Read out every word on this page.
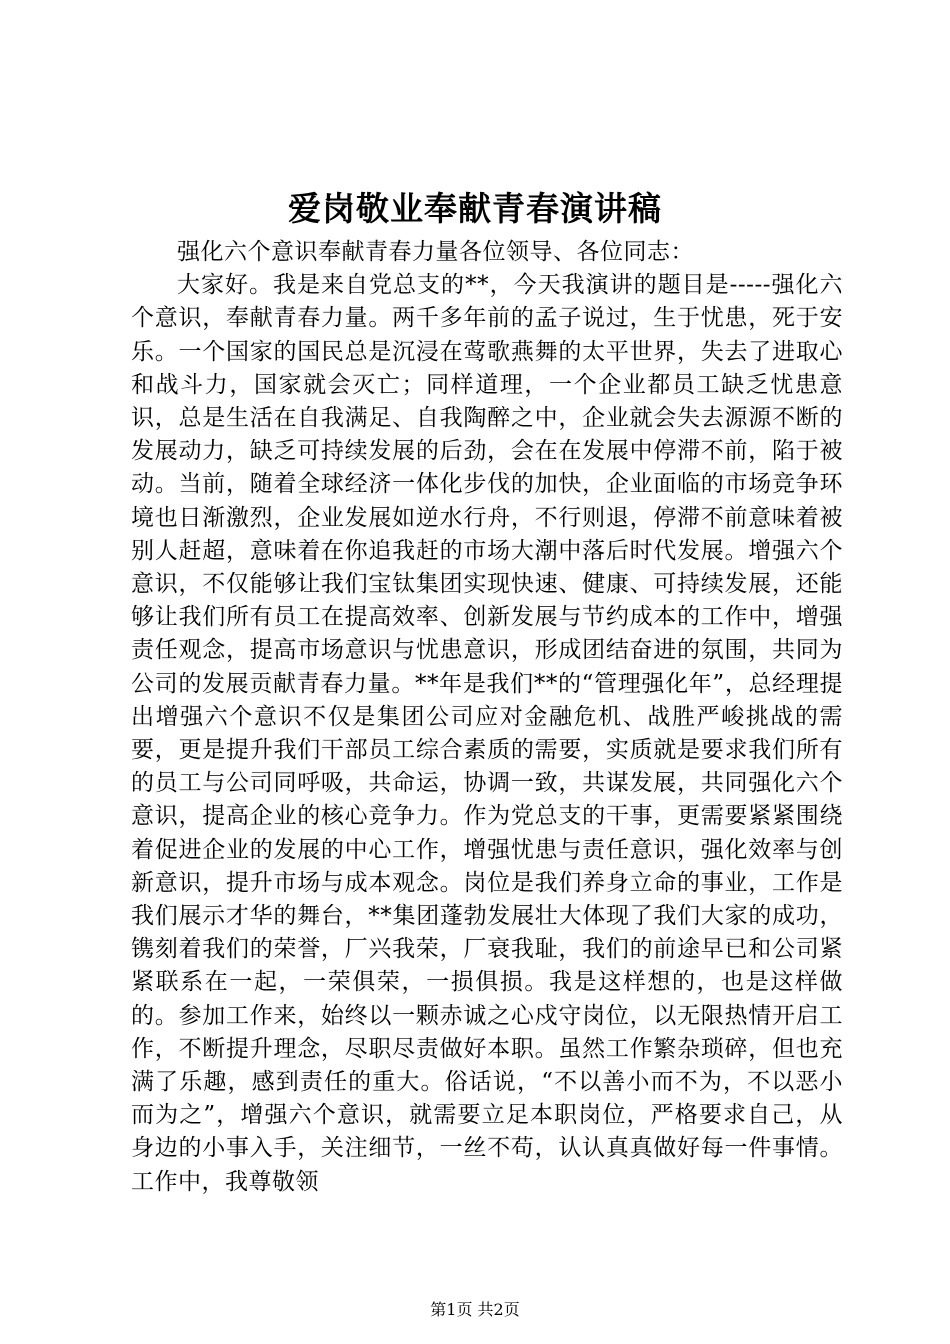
爱岗敬业奉献青春演讲稿

强化六个意识奉献青春力量各位领导、各位同志：

大家好。我是来自党总支的**，今天我演讲的题目是-----强化六个意识，奉献青春力量。两千多年前的孟子说过，生于忧患，死于安乐。一个国家的国民总是沉浸在莺歌燕舞的太平世界，失去了进取心和战斗力，国家就会灭亡；同样道理，一个企业都员工缺乏忧患意识，总是生活在自我满足、自我陶醉之中，企业就会失去源源不断的发展动力，缺乏可持续发展的后劲，会在在发展中停滞不前，陷于被动。当前，随着全球经济一体化步伐的加快，企业面临的市场竞争环境也日渐激烈，企业发展如逆水行舟，不行则退，停滞不前意味着被别人赶超，意味着在你追我赶的市场大潮中落后时代发展。增强六个意识，不仅能够让我们宝钛集团实现快速、健康、可持续发展，还能够让我们所有员工在提高效率、创新发展与节约成本的工作中，增强责任观念，提高市场意识与忧患意识，形成团结奋进的氛围，共同为公司的发展贡献青春力量。**年是我们**的“管理强化年”，总经理提出增强六个意识不仅是集团公司应对金融危机、战胜严峻挑战的需要，更是提升我们干部员工综合素质的需要，实质就是要求我们所有的员工与公司同呼吸，共命运，协调一致，共谋发展，共同强化六个意识，提高企业的核心竞争力。作为党总支的干事，更需要紧紧围绕着促进企业的发展的中心工作，增强忧患与责任意识，强化效率与创新意识，提升市场与成本观念。岗位是我们养身立命的事业，工作是我们展示才华的舞台，**集团蓬勃发展壮大体现了我们大家的成功，镌刻着我们的荣誉，厂兴我荣，厂衰我耻，我们的前途早已和公司紧紧联系在一起，一荣俱荣，一损俱损。我是这样想的，也是这样做的。参加工作来，始终以一颗赤诚之心戍守岗位，以无限热情开启工作，不断提升理念，尽职尽责做好本职。虽然工作繁杂琐碎，但也充满了乐趣，感到责任的重大。俗话说，“不以善小而不为，不以恶小而为之”，增强六个意识，就需要立足本职岗位，严格要求自己，从身边的小事入手，关注细节，一丝不苟，认认真真做好每一件事情。工作中，我尊敬领

第1页 共2页
